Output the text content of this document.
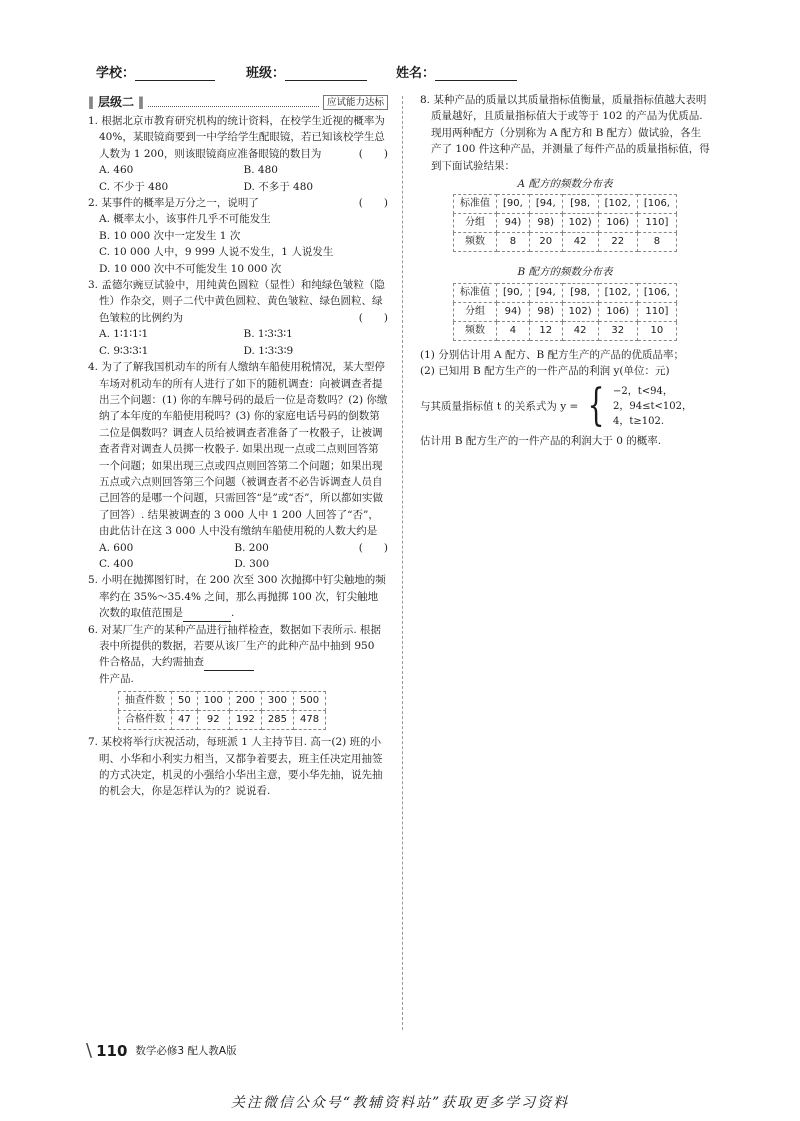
学校：	班级：	姓名：
‖ 层级二 ‖	应试能力达标

1. 根据北京市教育研究机构的统计资料，在校学生近视的概率为 40%，某眼镜商要到一中学给学生配眼镜，若已知该校学生总人数为 1 200，则该眼镜商应准备眼镜的数目为	(　　)

A. 460	B. 480
C. 不少于 480	D. 不多于 480

2. 某事件的概率是万分之一，说明了	(　　)

A. 概率太小，该事件几乎不可能发生
B. 10 000 次中一定发生 1 次
C. 10 000 人中，9 999 人说不发生，1 人说发生
D. 10 000 次中不可能发生 10 000 次

3. 孟德尔豌豆试验中，用纯黄色圆粒（显性）和纯绿色皱粒（隐性）作杂交，则子二代中黄色圆粒、黄色皱粒、绿色圆粒、绿色皱粒的比例约为	(　　)

A. 1∶1∶1∶1	B. 1∶3∶3∶1
C. 9∶3∶3∶1	D. 1∶3∶3∶9

4. 为了了解我国机动车的所有人缴纳车船使用税情况，某大型停车场对机动车的所有人进行了如下的随机调查：向被调查者提出三个问题：(1) 你的车牌号码的最后一位是奇数吗？(2) 你缴纳了本年度的车船使用税吗？(3) 你的家庭电话号码的倒数第二位是偶数吗？调查人员给被调查者准备了一枚骰子，让被调查者背对调查人员掷一枚骰子. 如果出现一点或二点则回答第一个问题；如果出现三点或四点则回答第二个问题；如果出现五点或六点则回答第三个问题（被调查者不必告诉调查人员自己回答的是哪一个问题，只需回答“是”或“否”，所以都如实做了回答）. 结果被调查的 3 000 人中 1 200 人回答了“否”，由此估计在这 3 000 人中没有缴纳车船使用税的人数大约是
(　　)

A. 600	B. 200
C. 400	D. 300

5. 小明在抛掷图钉时，在 200 次至 300 次抛掷中钉尖触地的频率约在 35%～35.4% 之间，那么再抛掷 100 次，钉尖触地次数的取值范围是	.

6. 对某厂生产的某种产品进行抽样检查，数据如下表所示. 根据表中所提供的数据，若要从该厂生产的此种产品中抽到 950 件合格品，大约需抽查
件产品.

抽查件数	50	100	200	300	500
合格件数	47	92	192	285	478

7. 某校将举行庆祝活动，每班派 1 人主持节目. 高一(2) 班的小明、小华和小利实力相当，又都争着要去，班主任决定用抽签的方式决定，机灵的小强给小华出主意，要小华先抽，说先抽的机会大，你是怎样认为的？说说看.

8. 某种产品的质量以其质量指标值衡量，质量指标值越大表明质量越好，且质量指标值大于或等于 102 的产品为优质品. 现用两种配方（分别称为 A 配方和 B 配方）做试验，各生产了 100 件这种产品，并测量了每件产品的质量指标值，得到下面试验结果：

A 配方的频数分布表
标准值	[90,	[94,	[98,	[102,	[106,
分组	94)	98)	102)	106)	110]
频数	8	20	42	22	8
B 配方的频数分布表
标准值	[90,	[94,	[98,	[102,	[106,
分组	94)	98)	102)	106)	110]
频数	4	12	42	32	10
(1) 分别估计用 A 配方、B 配方生产的产品的优质品率；
(2) 已知用 B 配方生产的一件产品的利润 y(单位：元)
与其质量指标值 t 的关系式为 y = { −2，t<94，
2，94≤t<102，
4，t≥102.
估计用 B 配方生产的一件产品的利润大于 0 的概率.
\ 110 数学必修3 配人教A版
关注微信公众号“教辅资料站”获取更多学习资料
